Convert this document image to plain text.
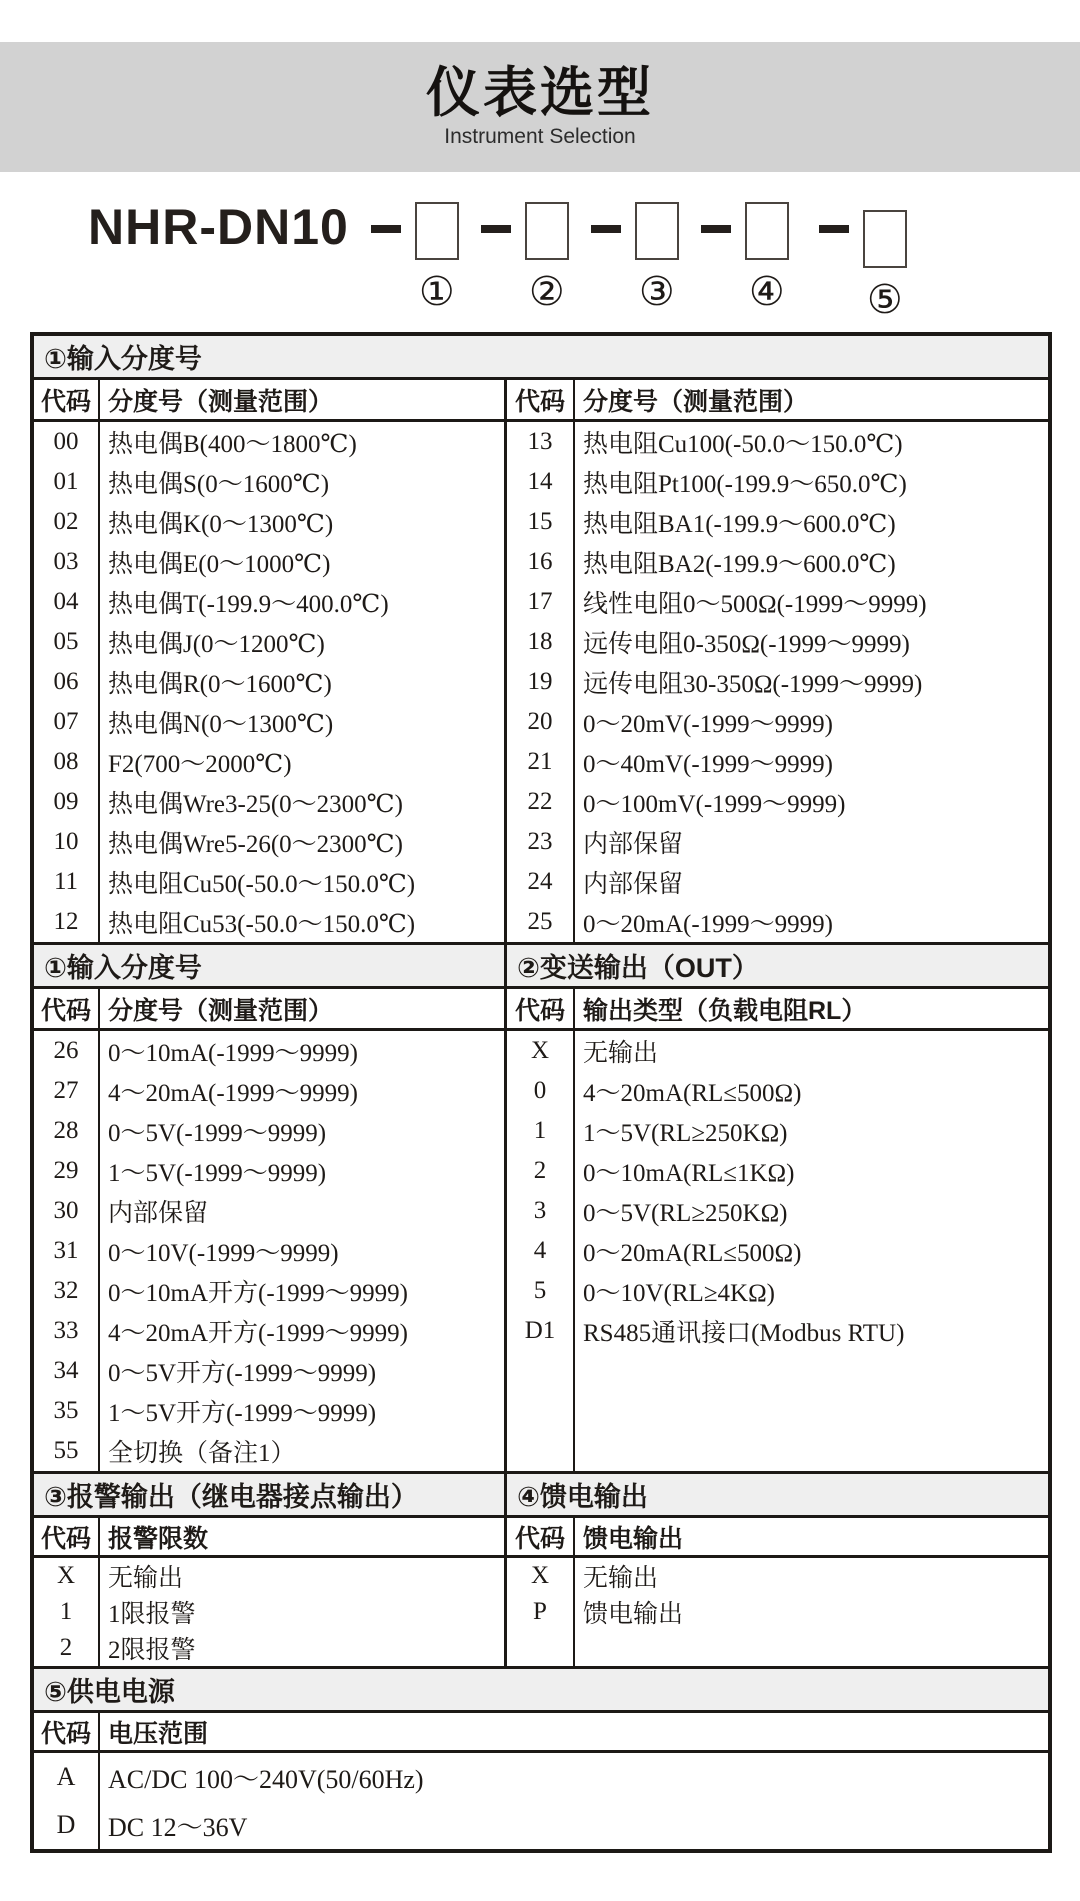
仪表选型
Instrument Selection
NHR-DN10
① ② ③ ④ ⑤
①输入分度号
代码 分度号（测量范围）
00	热电偶B(400～1800℃)
01	热电偶S(0～1600℃)
02	热电偶K(0～1300℃)
03	热电偶E(0～1000℃)
04	热电偶T(-199.9～400.0℃)
05	热电偶J(0～1200℃)
06	热电偶R(0～1600℃)
07	热电偶N(0～1300℃)
08	F2(700～2000℃)
09	热电偶Wre3-25(0～2300℃)
10	热电偶Wre5-26(0～2300℃)
11	热电阻Cu50(-50.0～150.0℃)
12	热电阻Cu53(-50.0～150.0℃)
代码 分度号（测量范围）
13	热电阻Cu100(-50.0～150.0℃)
14	热电阻Pt100(-199.9～650.0℃)
15	热电阻BA1(-199.9～600.0℃)
16	热电阻BA2(-199.9～600.0℃)
17	线性电阻0～500Ω(-1999～9999)
18	远传电阻0-350Ω(-1999～9999)
19	远传电阻30-350Ω(-1999～9999)
20	0～20mV(-1999～9999)
21	0～40mV(-1999～9999)
22	0～100mV(-1999～9999)
23	内部保留
24	内部保留
25	0～20mA(-1999～9999)
①输入分度号	②变送输出（OUT）
代码 分度号（测量范围）
26	0～10mA(-1999～9999)
27	4～20mA(-1999～9999)
28	0～5V(-1999～9999)
29	1～5V(-1999～9999)
30	内部保留
31	0～10V(-1999～9999)
32	0～10mA开方(-1999～9999)
33	4～20mA开方(-1999～9999)
34	0～5V开方(-1999～9999)
35	1～5V开方(-1999～9999)
55	全切换（备注1）
代码 输出类型（负载电阻RL）
X	无输出
0	4～20mA(RL≤500Ω)
1	1～5V(RL≥250KΩ)
2	0～10mA(RL≤1KΩ)
3	0～5V(RL≥250KΩ)
4	0～20mA(RL≤500Ω)
5	0～10V(RL≥4KΩ)
D1	RS485通讯接口(Modbus RTU)
③报警输出（继电器接点输出）	④馈电输出
代码 报警限数
X	无输出
1	1限报警
2	2限报警
代码 馈电输出
X	无输出
P	馈电输出
⑤供电电源
代码 电压范围
A	AC/DC 100～240V(50/60Hz)
D	DC 12～36V
